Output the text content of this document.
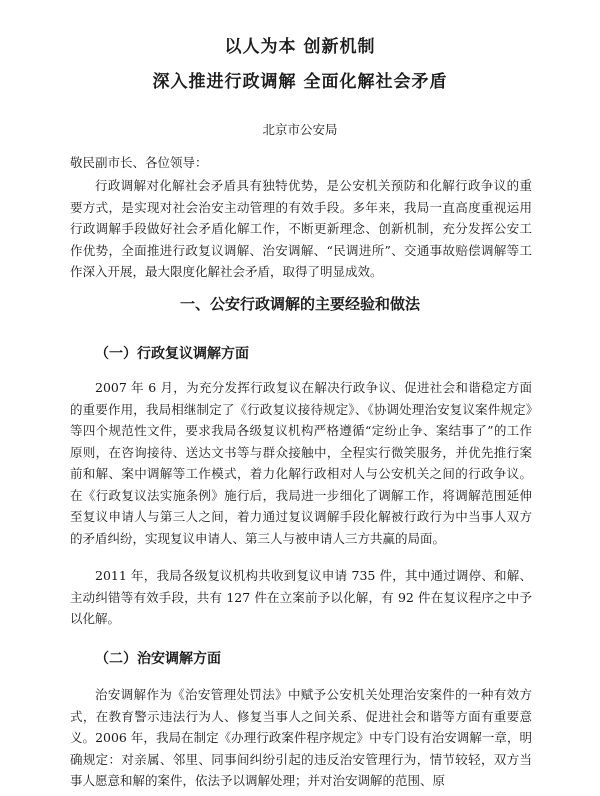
以人为本 创新机制
深入推进行政调解 全面化解社会矛盾
北京市公安局
敬民副市长、各位领导：
行政调解对化解社会矛盾具有独特优势，是公安机关预防和化解行政争议的重要方式，是实现对社会治安主动管理的有效手段。多年来，我局一直高度重视运用行政调解手段做好社会矛盾化解工作，不断更新理念、创新机制，充分发挥公安工作优势，全面推进行政复议调解、治安调解、“民调进所”、交通事故赔偿调解等工作深入开展，最大限度化解社会矛盾，取得了明显成效。
一、公安行政调解的主要经验和做法
（一）行政复议调解方面
2007 年 6 月，为充分发挥行政复议在解决行政争议、促进社会和谐稳定方面的重要作用，我局相继制定了《行政复议接待规定》、《协调处理治安复议案件规定》等四个规范性文件，要求我局各级复议机构严格遵循“定纷止争、案结事了”的工作原则，在咨询接待、送达文书等与群众接触中，全程实行微笑服务，并优先推行案前和解、案中调解等工作模式，着力化解行政相对人与公安机关之间的行政争议。在《行政复议法实施条例》施行后，我局进一步细化了调解工作，将调解范围延伸至复议申请人与第三人之间，着力通过复议调解手段化解被行政行为中当事人双方的矛盾纠纷，实现复议申请人、第三人与被申请人三方共赢的局面。
2011 年，我局各级复议机构共收到复议申请 735 件，其中通过调停、和解、主动纠错等有效手段，共有 127 件在立案前予以化解，有 92 件在复议程序之中予以化解。
（二）治安调解方面
治安调解作为《治安管理处罚法》中赋予公安机关处理治安案件的一种有效方式，在教育警示违法行为人、修复当事人之间关系、促进社会和谐等方面有重要意义。2006 年，我局在制定《办理行政案件程序规定》中专门设有治安调解一章，明确规定：对亲属、邻里、同事间纠纷引起的违反治安管理行为，情节较轻，双方当事人愿意和解的案件，依法予以调解处理；并对治安调解的范围、原
